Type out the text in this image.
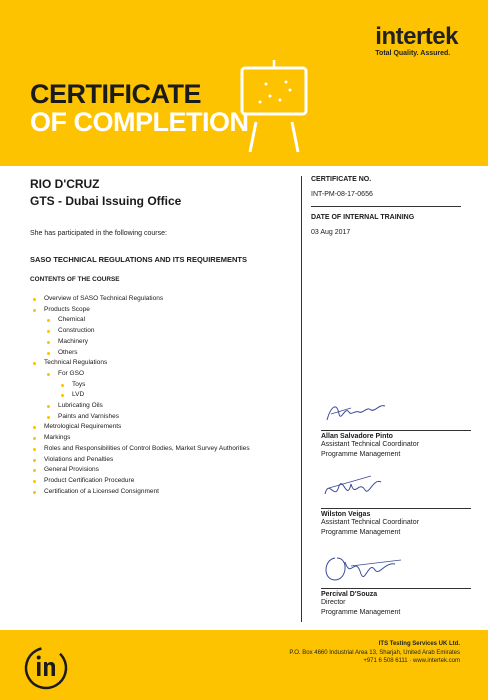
CERTIFICATE
OF COMPLETION
intertek
Total Quality. Assured.
RIO D'CRUZ
GTS - Dubai Issuing Office
She has participated in the following course:
SASO TECHNICAL REGULATIONS AND ITS REQUIREMENTS
CONTENTS OF THE COURSE
Overview of SASO Technical Regulations
Products Scope
Chemical
Construction
Machinery
Others
Technical Regulations
For GSO
Toys
LVD
Lubricating Oils
Paints and Varnishes
Metrological Requirements
Markings
Roles and Responsibilities of Control Bodies, Market Survey Authorities
Violations and Penalties
General Provisions
Product Certification Procedure
Certification of a Licensed Consignment
CERTIFICATE NO.
INT-PM-08-17-0656
DATE OF INTERNAL TRAINING
03 Aug 2017
Allan Salvadore Pinto
Assistant Technical Coordinator
Programme Management
Wilston Veigas
Assistant Technical Coordinator
Programme Management
Percival D'Souza
Director
Programme Management
ITS Testing Services UK Ltd.
P.O. Box 4660 Industrial Area 13, Sharjah, United Arab Emirates
+971 6 508 6111 · www.intertek.com
